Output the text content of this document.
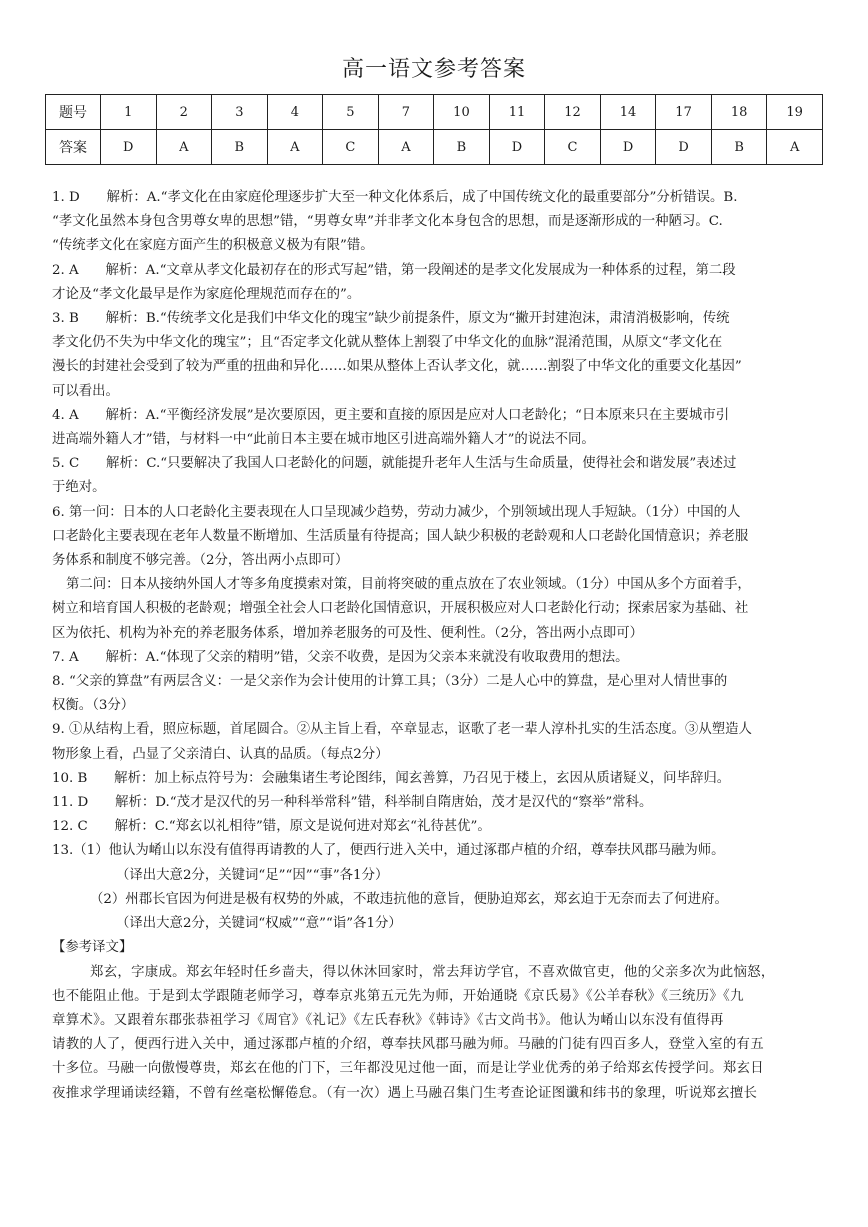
高一语文参考答案
题号	1	2	3	4	5	7	10	11	12	14	17	18	19
答案	D	A	B	A	C	A	B	D	C	D	D	B	A

1. D　　解析：A.“孝文化在由家庭伦理逐步扩大至一种文化体系后，成了中国传统文化的最重要部分”分析错误。B.

“孝文化虽然本身包含男尊女卑的思想”错，“男尊女卑”并非孝文化本身包含的思想，而是逐渐形成的一种陋习。C.

“传统孝文化在家庭方面产生的积极意义极为有限”错。

2. A　　解析：A.“文章从孝文化最初存在的形式写起”错，第一段阐述的是孝文化发展成为一种体系的过程，第二段

才论及“孝文化最早是作为家庭伦理规范而存在的”。

3. B　　解析：B.“传统孝文化是我们中华文化的瑰宝”缺少前提条件，原文为“撇开封建泡沫，肃清消极影响，传统

孝文化仍不失为中华文化的瑰宝”；且“否定孝文化就从整体上割裂了中华文化的血脉”混淆范围，从原文“孝文化在

漫长的封建社会受到了较为严重的扭曲和异化……如果从整体上否认孝文化，就……割裂了中华文化的重要文化基因”

可以看出。

4. A　　解析：A.“平衡经济发展”是次要原因，更主要和直接的原因是应对人口老龄化；“日本原来只在主要城市引

进高端外籍人才”错，与材料一中“此前日本主要在城市地区引进高端外籍人才”的说法不同。

5. C　　解析：C.“只要解决了我国人口老龄化的问题，就能提升老年人生活与生命质量，使得社会和谐发展”表述过

于绝对。

6. 第一问：日本的人口老龄化主要表现在人口呈现减少趋势，劳动力减少，个别领域出现人手短缺。（1分）中国的人

口老龄化主要表现在老年人数量不断增加、生活质量有待提高；国人缺少积极的老龄观和人口老龄化国情意识；养老服

务体系和制度不够完善。（2分，答出两小点即可）

第二问：日本从接纳外国人才等多角度摸索对策，目前将突破的重点放在了农业领域。（1分）中国从多个方面着手，

树立和培育国人积极的老龄观；增强全社会人口老龄化国情意识，开展积极应对人口老龄化行动；探索居家为基础、社

区为依托、机构为补充的养老服务体系，增加养老服务的可及性、便利性。（2分，答出两小点即可）

7. A　　解析：A.“体现了父亲的精明”错，父亲不收费，是因为父亲本来就没有收取费用的想法。

8. “父亲的算盘”有两层含义：一是父亲作为会计使用的计算工具；（3分）二是人心中的算盘，是心里对人情世事的

权衡。（3分）

9. ①从结构上看，照应标题，首尾圆合。②从主旨上看，卒章显志，讴歌了老一辈人淳朴扎实的生活态度。③从塑造人

物形象上看，凸显了父亲清白、认真的品质。（每点2分）

10. B　　解析：加上标点符号为：会融集诸生考论图纬，闻玄善算，乃召见于楼上，玄因从质诸疑义，问毕辞归。

11. D　　解析：D.“茂才是汉代的另一种科举常科”错，科举制自隋唐始，茂才是汉代的“察举”常科。

12. C　　解析：C.“郑玄以礼相待”错，原文是说何进对郑玄“礼待甚优”。

13.（1）他认为崤山以东没有值得再请教的人了，便西行进入关中，通过涿郡卢植的介绍，尊奉扶风郡马融为师。

（译出大意2分，关键词“足”“因”“事”各1分）

（2）州郡长官因为何进是极有权势的外戚，不敢违抗他的意旨，便胁迫郑玄，郑玄迫于无奈而去了何进府。

（译出大意2分，关键词“权威”“意”“诣”各1分）

【参考译文】

郑玄，字康成。郑玄年轻时任乡啬夫，得以休沐回家时，常去拜访学官，不喜欢做官吏，他的父亲多次为此恼怒，

也不能阻止他。于是到太学跟随老师学习，尊奉京兆第五元先为师，开始通晓《京氏易》《公羊春秋》《三统历》《九

章算术》。又跟着东郡张恭祖学习《周官》《礼记》《左氏春秋》《韩诗》《古文尚书》。他认为崤山以东没有值得再

请教的人了，便西行进入关中，通过涿郡卢植的介绍，尊奉扶风郡马融为师。马融的门徒有四百多人，登堂入室的有五

十多位。马融一向傲慢尊贵，郑玄在他的门下，三年都没见过他一面，而是让学业优秀的弟子给郑玄传授学问。郑玄日

夜推求学理诵读经籍，不曾有丝毫松懈倦怠。（有一次）遇上马融召集门生考查论证图谶和纬书的象理，听说郑玄擅长
